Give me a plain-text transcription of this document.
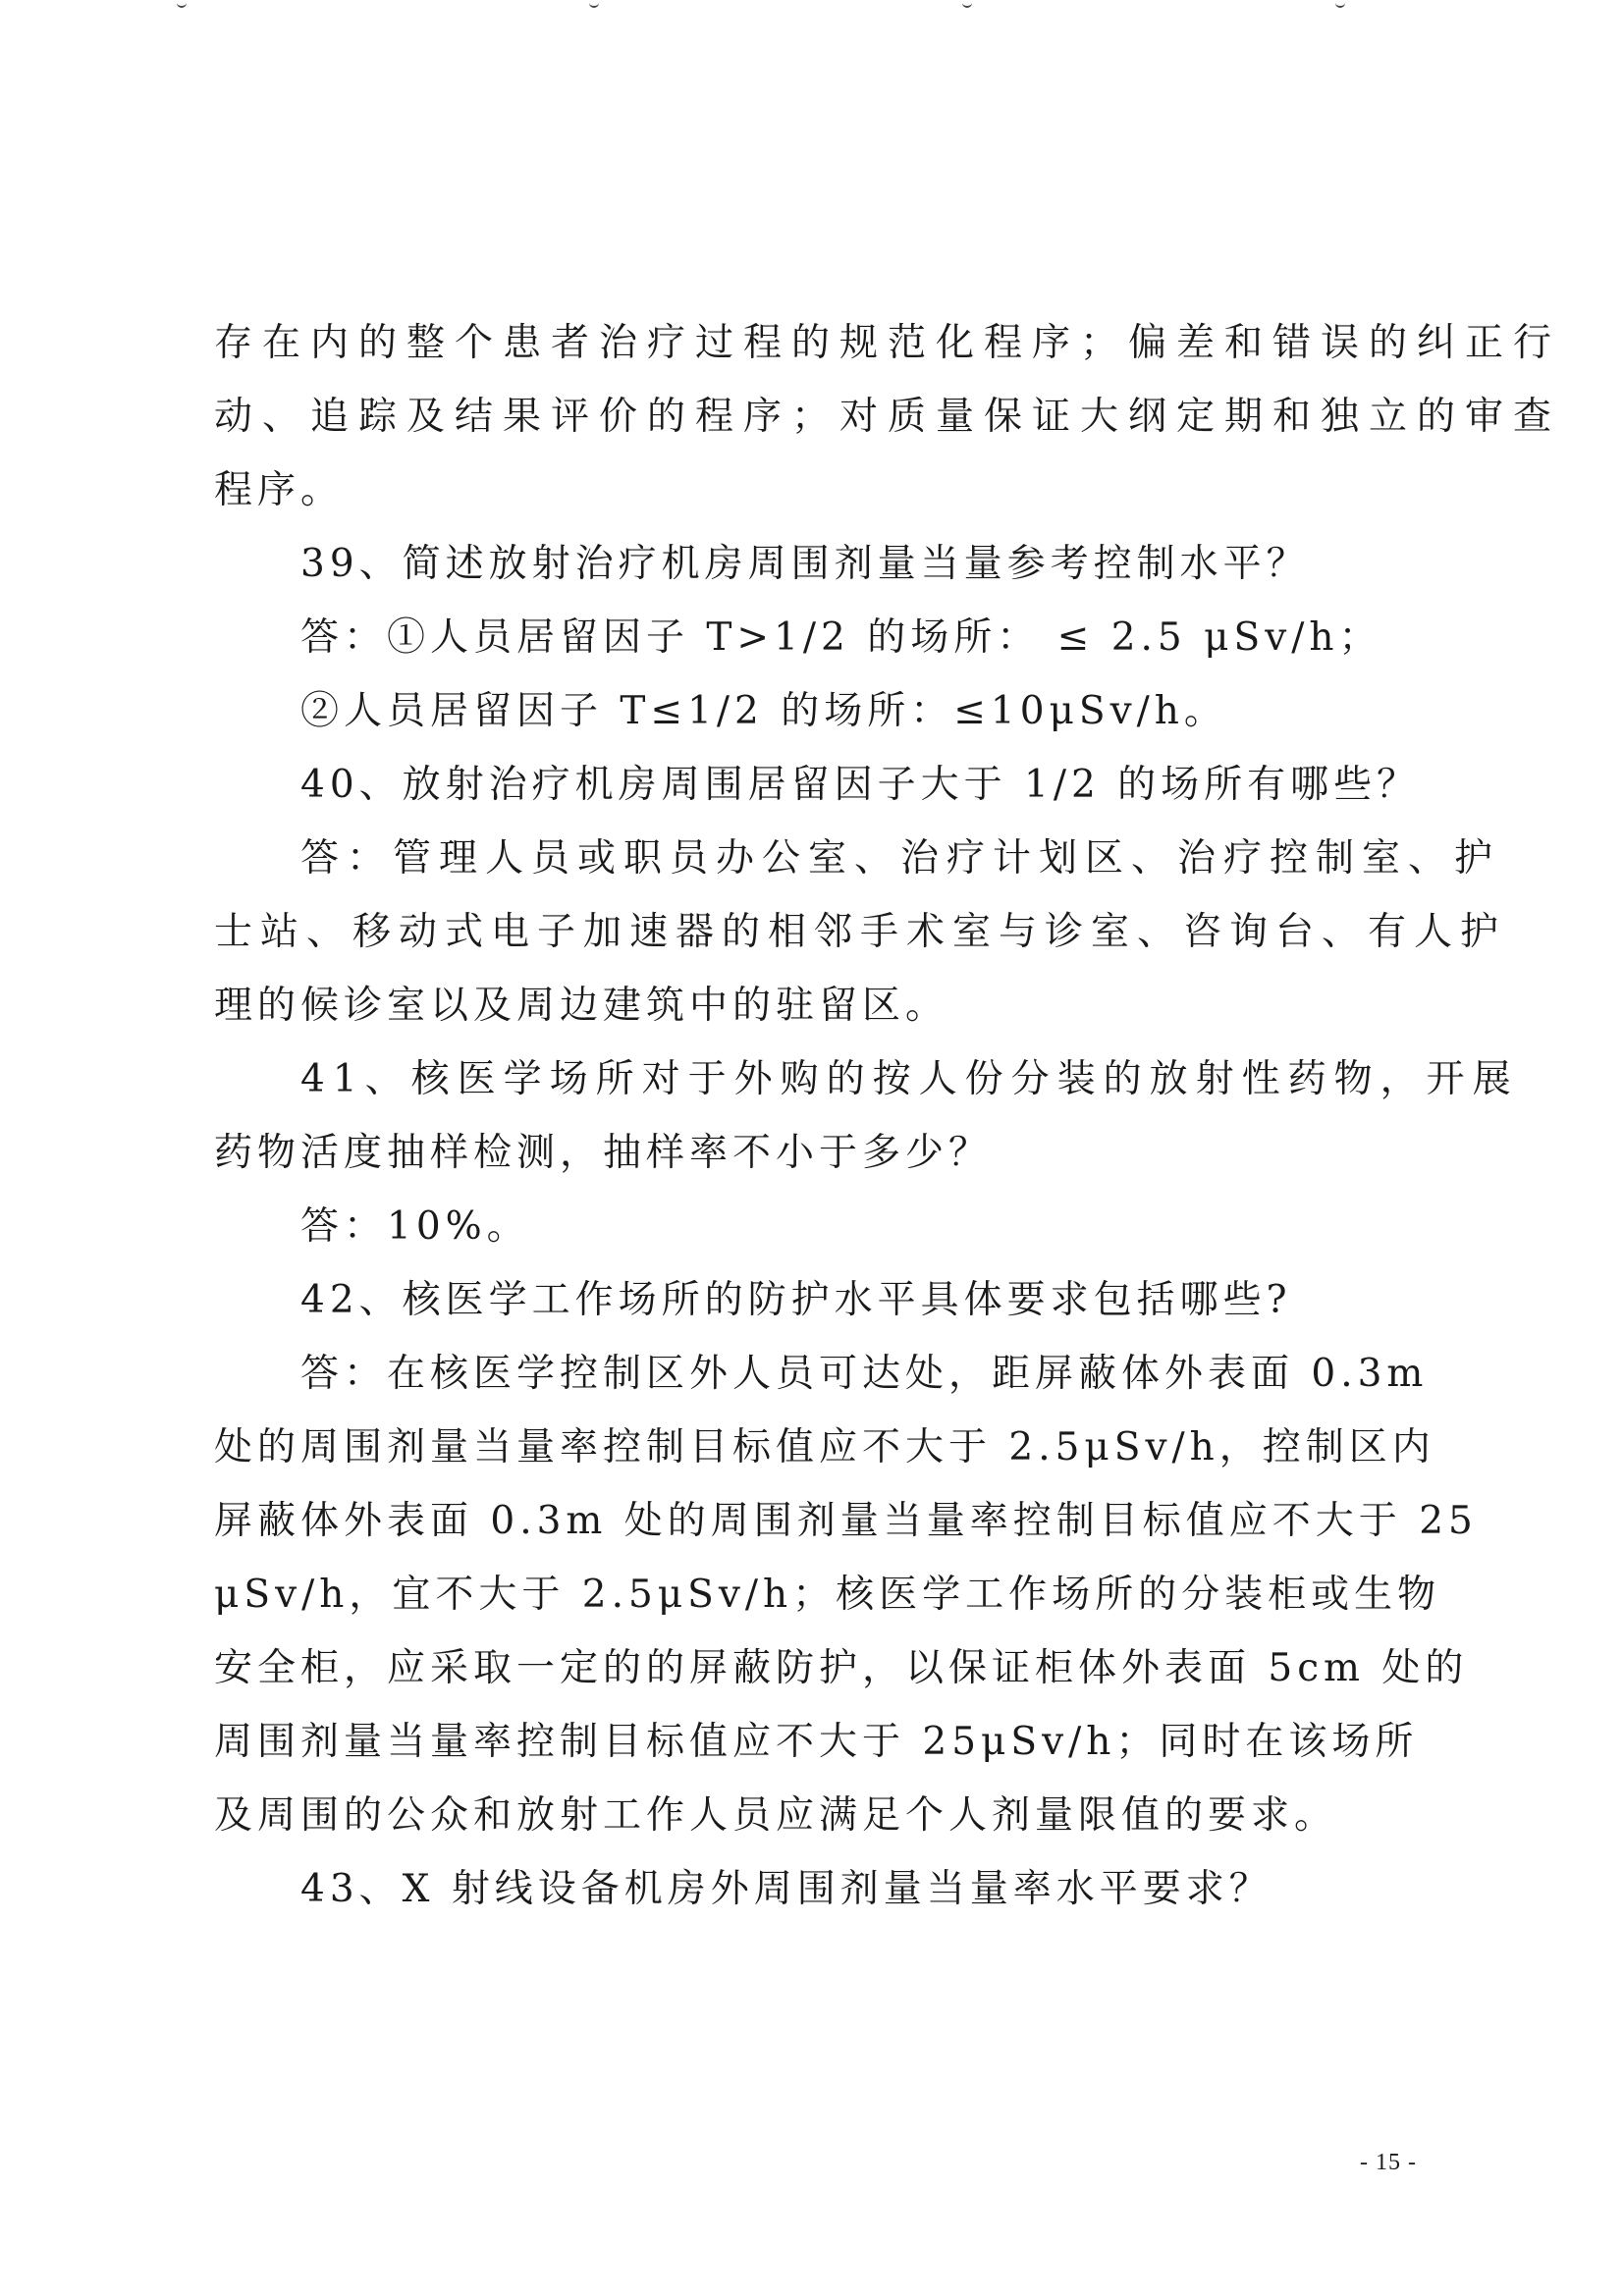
存在内的整个患者治疗过程的规范化程序；偏差和错误的纠正行
动、追踪及结果评价的程序；对质量保证大纲定期和独立的审查
程序。
39、简述放射治疗机房周围剂量当量参考控制水平？
答：①人员居留因子 T>1/2 的场所： ≤ 2.5 μSv/h；
②人员居留因子 T≤1/2 的场所：≤10μSv/h。
40、放射治疗机房周围居留因子大于 1/2 的场所有哪些？
答：管理人员或职员办公室、治疗计划区、治疗控制室、护
士站、移动式电子加速器的相邻手术室与诊室、咨询台、有人护
理的候诊室以及周边建筑中的驻留区。
41、核医学场所对于外购的按人份分装的放射性药物，开展
药物活度抽样检测，抽样率不小于多少？
答：10%。
42、核医学工作场所的防护水平具体要求包括哪些?
答：在核医学控制区外人员可达处，距屏蔽体外表面 0.3m
处的周围剂量当量率控制目标值应不大于 2.5μSv/h，控制区内
屏蔽体外表面 0.3m 处的周围剂量当量率控制目标值应不大于 25
μSv/h，宜不大于 2.5μSv/h；核医学工作场所的分装柜或生物
安全柜，应采取一定的的屏蔽防护，以保证柜体外表面 5cm 处的
周围剂量当量率控制目标值应不大于 25μSv/h；同时在该场所
及周围的公众和放射工作人员应满足个人剂量限值的要求。
43、X 射线设备机房外周围剂量当量率水平要求？
- 15 -
